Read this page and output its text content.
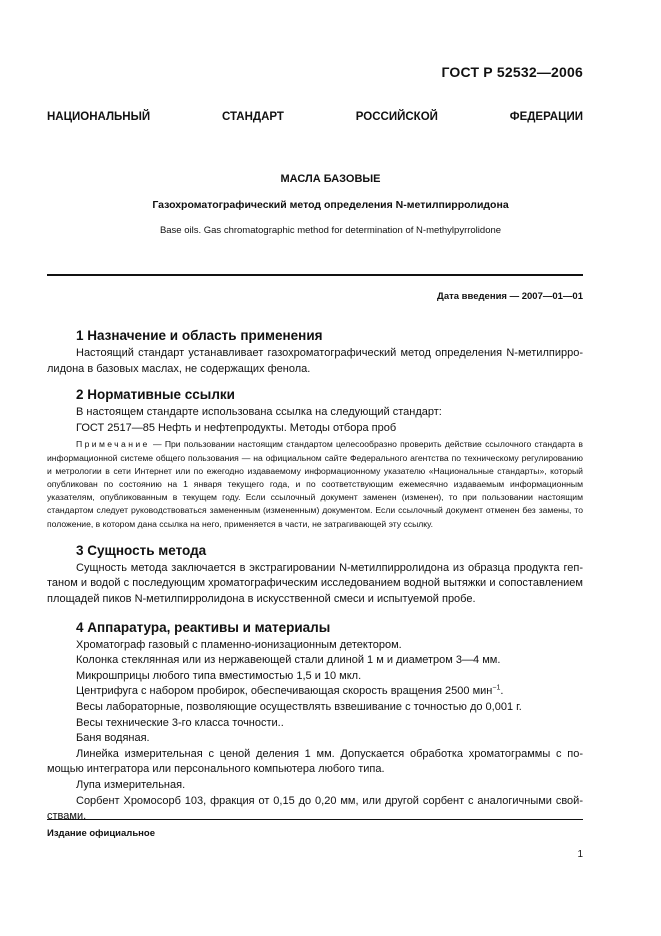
ГОСТ Р 52532—2006
НАЦИОНАЛЬНЫЙ СТАНДАРТ РОССИЙСКОЙ ФЕДЕРАЦИИ
МАСЛА БАЗОВЫЕ
Газохроматографический метод определения N-метилпирролидона
Base oils. Gas chromatographic method for determination of N-methylpyrrolidone
Дата введения — 2007—01—01
1 Назначение и область применения

Настоящий стандарт устанавливает газохроматографический метод определения N-метилпирролидона в базовых маслах, не содержащих фенола.

2 Нормативные ссылки

В настоящем стандарте использована ссылка на следующий стандарт:

ГОСТ 2517—85 Нефть и нефтепродукты. Методы отбора проб

Примечание — При пользовании настоящим стандартом целесообразно проверить действие ссылочного стандарта в информационной системе общего пользования — на официальном сайте Федерального агентства по техническому регулированию и метрологии в сети Интернет или по ежегодно издаваемому информационному указателю «Национальные стандарты», который опубликован по состоянию на 1 января текущего года, и по соответствующим ежемесячно издаваемым информационным указателям, опубликованным в текущем году. Если ссылочный документ заменен (изменен), то при пользовании настоящим стандартом следует руководствоваться замененным (измененным) документом. Если ссылочный документ отменен без замены, то положение, в котором дана ссылка на него, применяется в части, не затрагивающей эту ссылку.

3 Сущность метода

Сущность метода заключается в экстрагировании N-метилпирролидона из образца продукта гептаном и водой с последующим хроматографическим исследованием водной вытяжки и сопоставлением площадей пиков N-метилпирролидона в искусственной смеси и испытуемой пробе.

4 Аппаратура, реактивы и материалы

Хроматограф газовый с пламенно-ионизационным детектором.

Колонка стеклянная или из нержавеющей стали длиной 1 м и диаметром 3—4 мм.

Микрошприцы любого типа вместимостью 1,5 и 10 мкл.

Центрифуга с набором пробирок, обеспечивающая скорость вращения 2500 мин$^{-1}$.

Весы лабораторные, позволяющие осуществлять взвешивание с точностью до 0,001 г.

Весы технические 3-го класса точности..

Баня водяная.

Линейка измерительная с ценой деления 1 мм. Допускается обработка хроматограммы с помощью интегратора или персонального компьютера любого типа.

Лупа измерительная.

Сорбент Хромосорб 103, фракция от 0,15 до 0,20 мм, или другой сорбент с аналогичными свойствами.

Издание официальное
1
